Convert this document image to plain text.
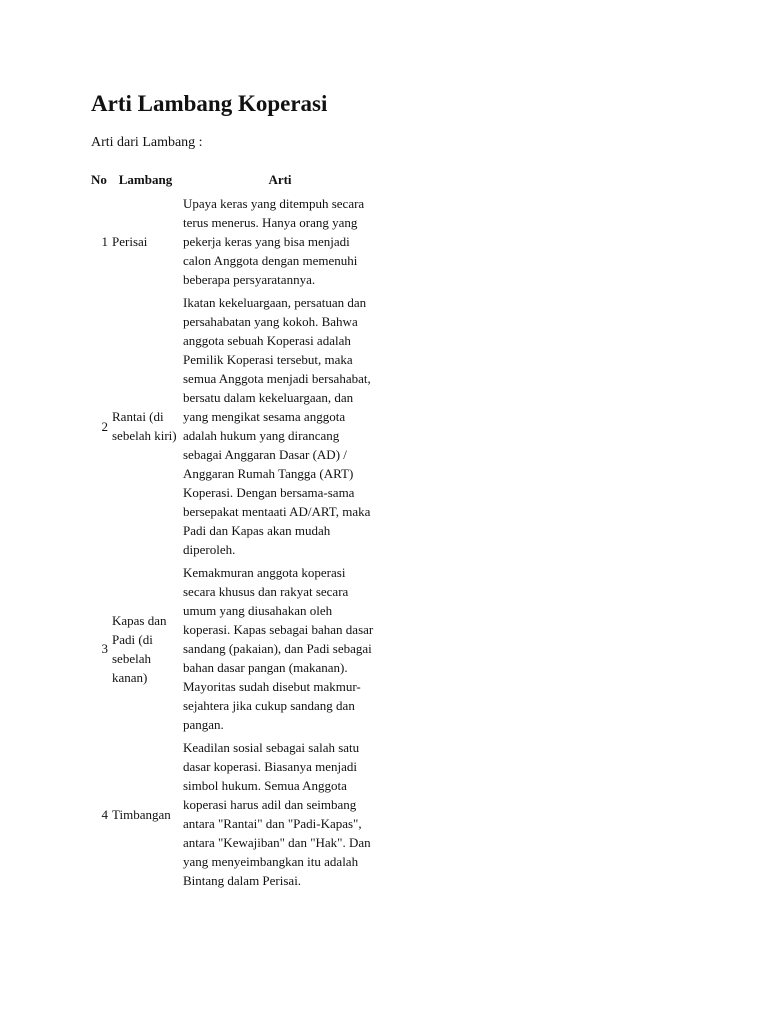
Arti Lambang Koperasi

Arti dari Lambang :

No	Lambang	Arti
1	Perisai	Upaya keras yang ditempuh secara terus menerus. Hanya orang yang pekerja keras yang bisa menjadi calon Anggota dengan memenuhi beberapa persyaratannya.
2	Rantai (di sebelah kiri)	Ikatan kekeluargaan, persatuan dan persahabatan yang kokoh. Bahwa anggota sebuah Koperasi adalah Pemilik Koperasi tersebut, maka semua Anggota menjadi bersahabat, bersatu dalam kekeluargaan, dan yang mengikat sesama anggota adalah hukum yang dirancang sebagai Anggaran Dasar (AD) / Anggaran Rumah Tangga (ART) Koperasi. Dengan bersama-sama bersepakat mentaati AD/ART, maka Padi dan Kapas akan mudah diperoleh.
3	Kapas dan Padi (di sebelah kanan)	Kemakmuran anggota koperasi secara khusus dan rakyat secara umum yang diusahakan oleh koperasi. Kapas sebagai bahan dasar sandang (pakaian), dan Padi sebagai bahan dasar pangan (makanan). Mayoritas sudah disebut makmur-sejahtera jika cukup sandang dan pangan.
4	Timbangan	Keadilan sosial sebagai salah satu dasar koperasi. Biasanya menjadi simbol hukum. Semua Anggota koperasi harus adil dan seimbang antara "Rantai" dan "Padi-Kapas", antara "Kewajiban" dan "Hak". Dan yang menyeimbangkan itu adalah Bintang dalam Perisai.
